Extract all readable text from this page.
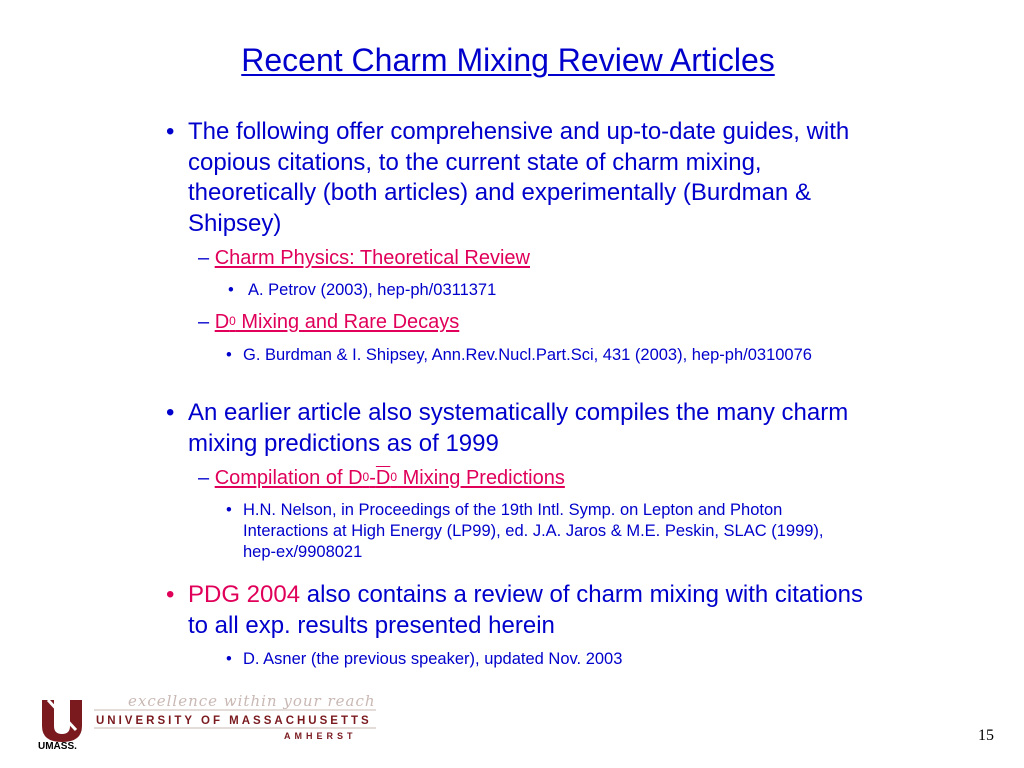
Recent Charm Mixing Review Articles
• The following offer comprehensive and up-to-date guides, with copious citations, to the current state of charm mixing, theoretically (both articles) and experimentally (Burdman & Shipsey)
– Charm Physics: Theoretical Review
• A. Petrov (2003), hep-ph/0311371
– $D^0$ Mixing and Rare Decays
• G. Burdman & I. Shipsey, Ann.Rev.Nucl.Part.Sci, 431 (2003), hep-ph/0310076
• An earlier article also systematically compiles the many charm mixing predictions as of 1999
– Compilation of $D^0-D^0$ Mixing Predictions
• H.N. Nelson, in Proceedings of the 19th Intl. Symp. on Lepton and Photon Interactions at High Energy (LP99), ed. J.A. Jaros & M.E. Peskin, SLAC (1999), hep-ex/9908021
• PDG 2004 also contains a review of charm mixing with citations to all exp. results presented herein
• D. Asner (the previous speaker), updated Nov. 2003
UMASS.
excellence within your reach
UNIVERSITY OF MASSACHUSETTS
AMHERST	15
